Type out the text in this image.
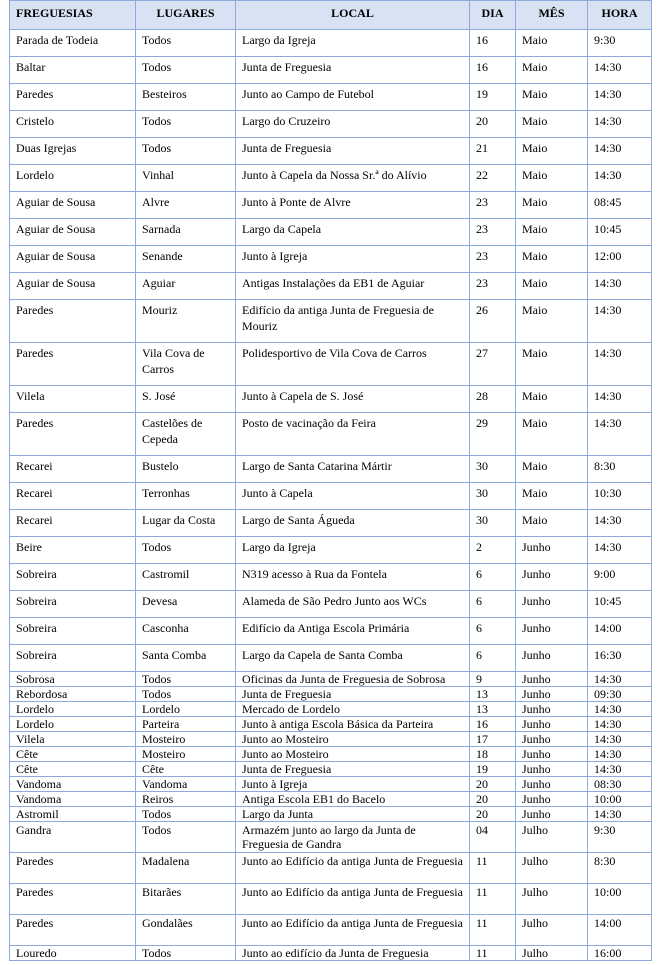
FREGUESIAS	LUGARES	LOCAL	DIA	MÊS	HORA
Parada de Todeia	Todos	Largo da Igreja	16	Maio	9:30
Baltar	Todos	Junta de Freguesia	16	Maio	14:30
Paredes	Besteiros	Junto ao Campo de Futebol	19	Maio	14:30
Cristelo	Todos	Largo do Cruzeiro	20	Maio	14:30
Duas Igrejas	Todos	Junta de Freguesia	21	Maio	14:30
Lordelo	Vinhal	Junto à Capela da Nossa Sr.ª do Alívio	22	Maio	14:30
Aguiar de Sousa	Alvre	Junto à Ponte de Alvre	23	Maio	08:45
Aguiar de Sousa	Sarnada	Largo da Capela	23	Maio	10:45
Aguiar de Sousa	Senande	Junto à Igreja	23	Maio	12:00
Aguiar de Sousa	Aguiar	Antigas Instalações da EB1 de Aguiar	23	Maio	14:30
Paredes	Mouriz	Edifício da antiga Junta de Freguesia de Mouriz	26	Maio	14:30
Paredes	Vila Cova de Carros	Polidesportivo de Vila Cova de Carros	27	Maio	14:30
Vilela	S. José	Junto à Capela de S. José	28	Maio	14:30
Paredes	Castelões de Cepeda	Posto de vacinação da Feira	29	Maio	14:30
Recarei	Bustelo	Largo de Santa Catarina Mártir	30	Maio	8:30
Recarei	Terronhas	Junto à Capela	30	Maio	10:30
Recarei	Lugar da Costa	Largo de Santa Águeda	30	Maio	14:30
Beire	Todos	Largo da Igreja	2	Junho	14:30
Sobreira	Castromil	N319 acesso à Rua da Fontela	6	Junho	9:00
Sobreira	Devesa	Alameda de São Pedro Junto aos WCs	6	Junho	10:45
Sobreira	Casconha	Edifício da Antiga Escola Primária	6	Junho	14:00
Sobreira	Santa Comba	Largo da Capela de Santa Comba	6	Junho	16:30
Sobrosa	Todos	Oficinas da Junta de Freguesia de Sobrosa	9	Junho	14:30
Rebordosa	Todos	Junta de Freguesia	13	Junho	09:30
Lordelo	Lordelo	Mercado de Lordelo	13	Junho	14:30
Lordelo	Parteira	Junto à antiga Escola Básica da Parteira	16	Junho	14:30
Vilela	Mosteiro	Junto ao Mosteiro	17	Junho	14:30
Cête	Mosteiro	Junto ao Mosteiro	18	Junho	14:30
Cête	Cête	Junta de Freguesia	19	Junho	14:30
Vandoma	Vandoma	Junto à Igreja	20	Junho	08:30
Vandoma	Reiros	Antiga Escola EB1 do Bacelo	20	Junho	10:00
Astromil	Todos	Largo da Junta	20	Junho	14:30
Gandra	Todos	Armazém junto ao largo da Junta de Freguesia de Gandra	04	Julho	9:30
Paredes	Madalena	Junto ao Edifício da antiga Junta de Freguesia	11	Julho	8:30
Paredes	Bitarães	Junto ao Edifício da antiga Junta de Freguesia	11	Julho	10:00
Paredes	Gondalães	Junto ao Edifício da antiga Junta de Freguesia	11	Julho	14:00
Louredo	Todos	Junto ao edifício da Junta de Freguesia	11	Julho	16:00
